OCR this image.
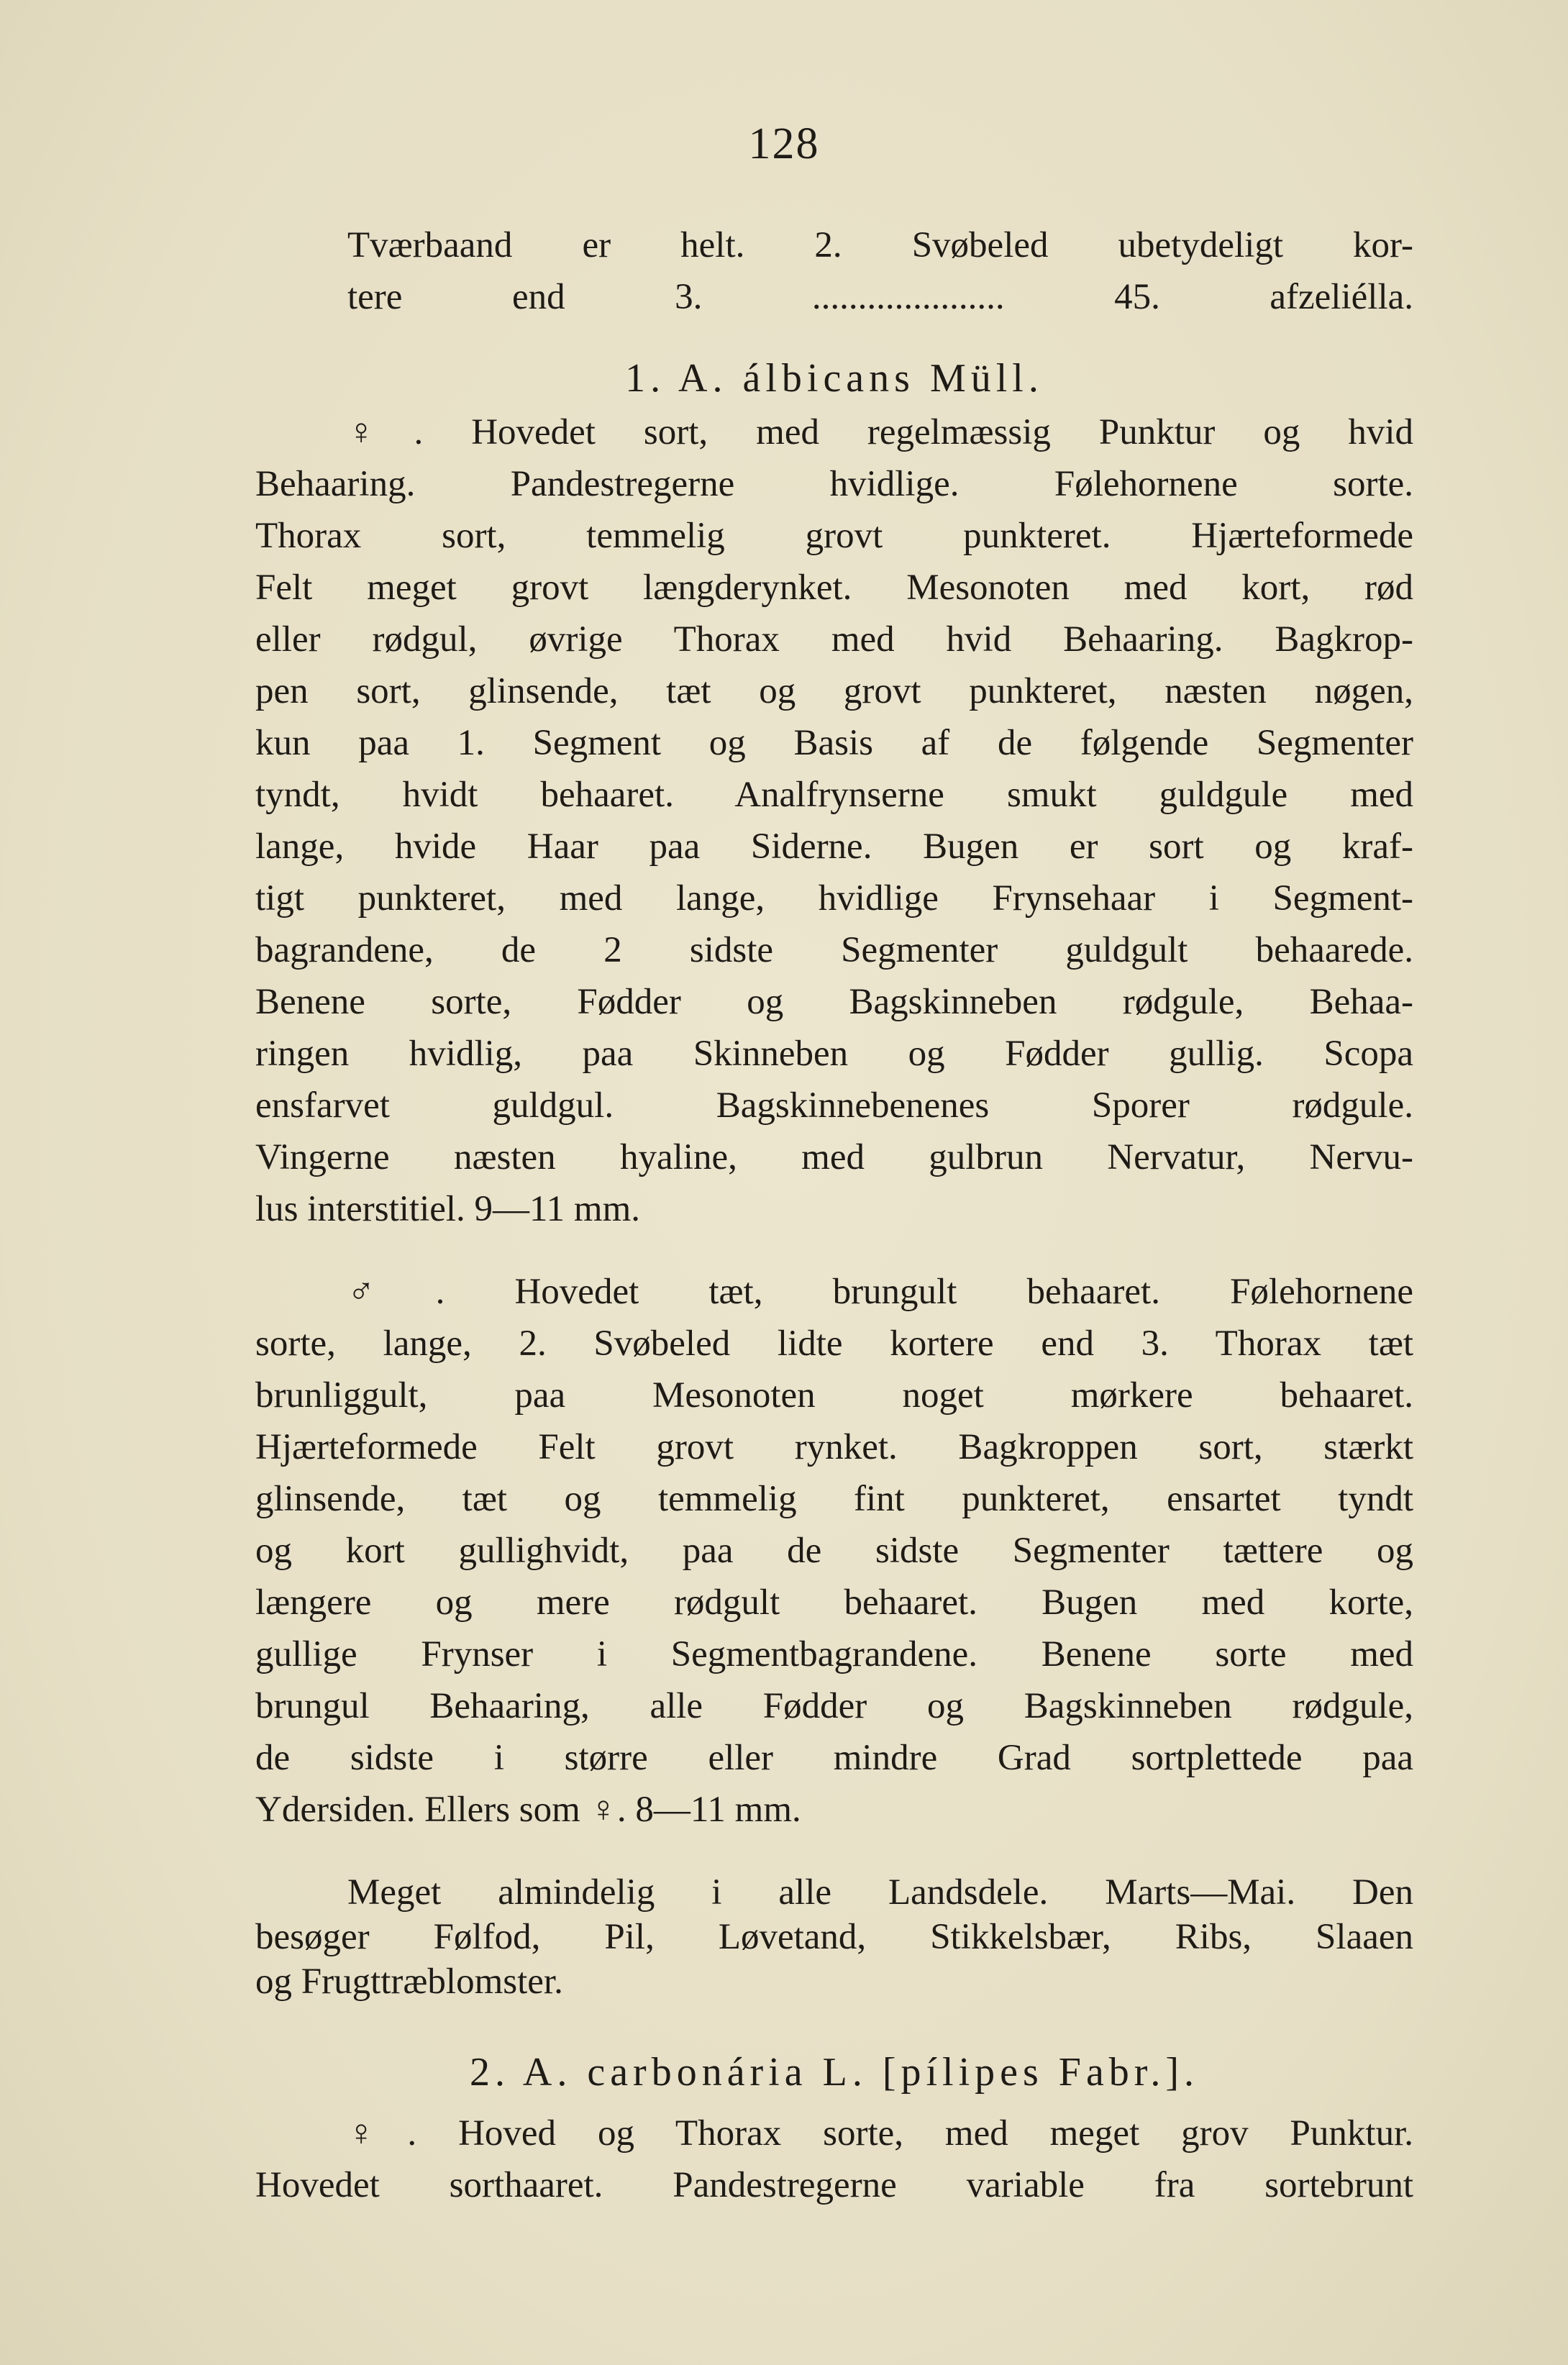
128
Tværbaand er helt. 2. Svøbeled ubetydeligt kor-
tere end 3. ..................... 45. afzeliélla.
1. A. álbicans Müll.
♀. Hovedet sort, med regelmæssig Punktur og hvid
Behaaring. Pandestregerne hvidlige. Følehornene sorte.
Thorax sort, temmelig grovt punkteret. Hjærteformede
Felt meget grovt længderynket. Mesonoten med kort, rød
eller rødgul, øvrige Thorax med hvid Behaaring. Bagkrop-
pen sort, glinsende, tæt og grovt punkteret, næsten nøgen,
kun paa 1. Segment og Basis af de følgende Segmenter
tyndt, hvidt behaaret. Analfrynserne smukt guldgule med
lange, hvide Haar paa Siderne. Bugen er sort og kraf-
tigt punkteret, med lange, hvidlige Frynsehaar i Segment-
bagrandene, de 2 sidste Segmenter guldgult behaarede.
Benene sorte, Fødder og Bagskinneben rødgule, Behaa-
ringen hvidlig, paa Skinneben og Fødder gullig. Scopa
ensfarvet guldgul. Bagskinnebenenes Sporer rødgule.
Vingerne næsten hyaline, med gulbrun Nervatur, Nervu-
lus interstitiel. 9—11 mm.
♂. Hovedet tæt, brungult behaaret. Følehornene
sorte, lange, 2. Svøbeled lidte kortere end 3. Thorax tæt
brunliggult, paa Mesonoten noget mørkere behaaret.
Hjærteformede Felt grovt rynket. Bagkroppen sort, stærkt
glinsende, tæt og temmelig fint punkteret, ensartet tyndt
og kort gullighvidt, paa de sidste Segmenter tættere og
længere og mere rødgult behaaret. Bugen med korte,
gullige Frynser i Segmentbagrandene. Benene sorte med
brungul Behaaring, alle Fødder og Bagskinneben rødgule,
de sidste i større eller mindre Grad sortplettede paa
Ydersiden. Ellers som ♀. 8—11 mm.
Meget almindelig i alle Landsdele. Marts—Mai. Den
besøger Følfod, Pil, Løvetand, Stikkelsbær, Ribs, Slaaen
og Frugttræblomster.
2. A. carbonária L. [pílipes Fabr.].
♀. Hoved og Thorax sorte, med meget grov Punktur.
Hovedet sorthaaret. Pandestregerne variable fra sortebrunt
